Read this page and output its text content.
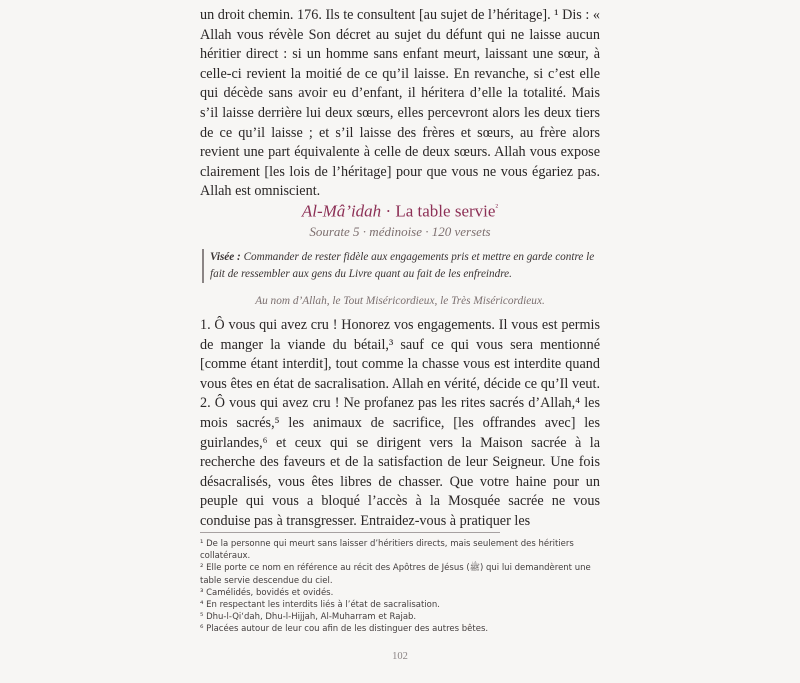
un droit chemin. 176. Ils te consultent [au sujet de l’héritage]. ¹ Dis : « Allah vous révèle Son décret au sujet du défunt qui ne laisse aucun héritier direct : si un homme sans enfant meurt, laissant une sœur, à celle-ci revient la moitié de ce qu’il laisse. En revanche, si c’est elle qui décède sans avoir eu d’enfant, il héritera d’elle la totalité. Mais s’il laisse derrière lui deux sœurs, elles percevront alors les deux tiers de ce qu’il laisse ; et s’il laisse des frères et sœurs, au frère alors revient une part équivalente à celle de deux sœurs. Allah vous expose clairement [les lois de l’héritage] pour que vous ne vous égariez pas. Allah est omniscient.

Al-Mâ’idah · La table servie$^{^2}$
Sourate 5 · médinoise · 120 versets
Visée : Commander de rester fidèle aux engagements pris et mettre en garde contre le fait de ressembler aux gens du Livre quant au fait de les enfreindre.
Au nom d’Allah, le Tout Miséricordieux, le Très Miséricordieux.

1. Ô vous qui avez cru ! Honorez vos engagements. Il vous est permis de manger la viande du bétail,³ sauf ce qui vous sera mentionné [comme étant interdit], tout comme la chasse vous est interdite quand vous êtes en état de sacralisation. Allah en vérité, décide ce qu’Il veut. 2. Ô vous qui avez cru ! Ne profanez pas les rites sacrés d’Allah,⁴ les mois sacrés,⁵ les animaux de sacrifice, [les offrandes avec] les guirlandes,⁶ et ceux qui se dirigent vers la Maison sacrée à la recherche des faveurs et de la satisfaction de leur Seigneur. Une fois désacralisés, vous êtes libres de chasser. Que votre haine pour un peuple qui vous a bloqué l’accès à la Mosquée sacrée ne vous conduise pas à transgresser. Entraidez-vous à pratiquer les

¹ De la personne qui meurt sans laisser d’héritiers directs, mais seulement des héritiers collatéraux.

² Elle porte ce nom en référence au récit des Apôtres de Jésus (ﷺ) qui lui demandèrent une table servie descendue du ciel.

³ Camélidés, bovidés et ovidés.

⁴ En respectant les interdits liés à l’état de sacralisation.

⁵ Dhu-l-Qi‘dah, Dhu-l-Hijjah, Al-Muharram et Rajab.

⁶ Placées autour de leur cou afin de les distinguer des autres bêtes.

102
